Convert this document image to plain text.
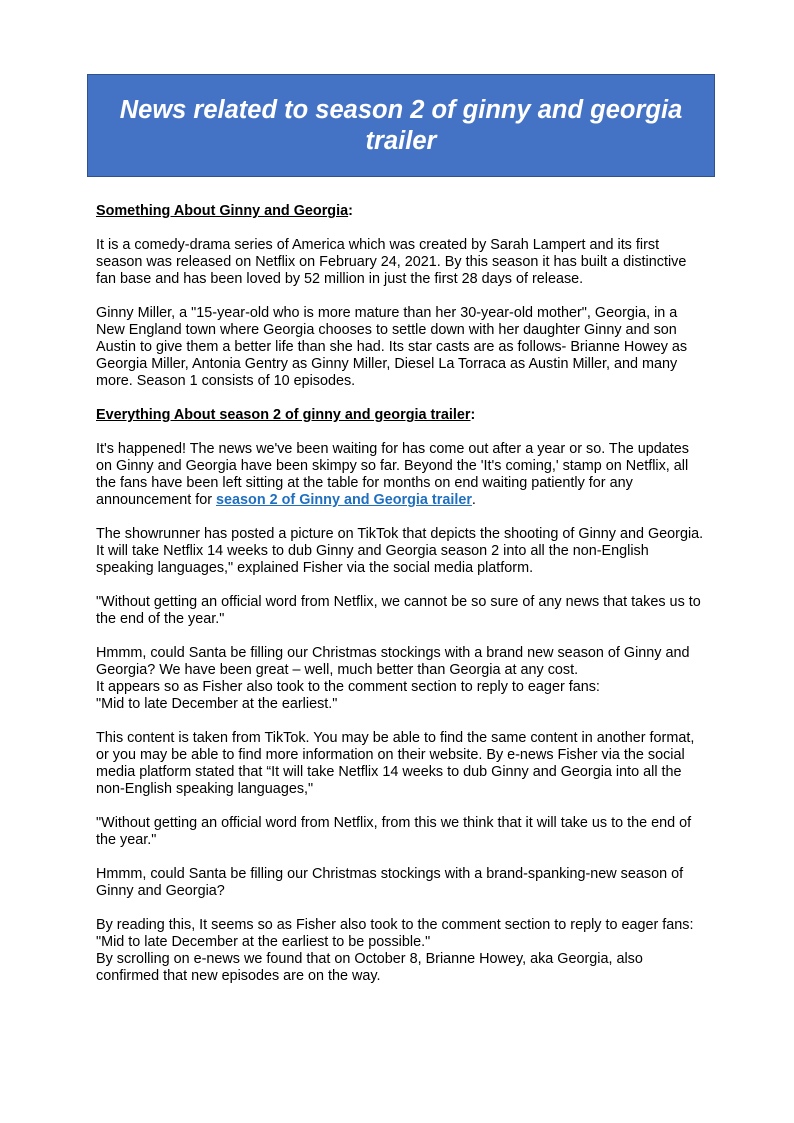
News related to season 2 of ginny and georgia
trailer

Something About Ginny and Georgia:

It is a comedy-drama series of America which was created by Sarah Lampert and its first season was released on Netflix on February 24, 2021. By this season it has built a distinctive fan base and has been loved by 52 million in just the first 28 days of release.

Ginny Miller, a "15-year-old who is more mature than her 30-year-old mother", Georgia, in a New England town where Georgia chooses to settle down with her daughter Ginny and son Austin to give them a better life than she had. Its star casts are as follows- Brianne Howey as Georgia Miller, Antonia Gentry as Ginny Miller, Diesel La Torraca as Austin Miller, and many more. Season 1 consists of 10 episodes.

Everything About season 2 of ginny and georgia trailer:

It's happened! The news we've been waiting for has come out after a year or so. The updates on Ginny and Georgia have been skimpy so far. Beyond the 'It's coming,' stamp on Netflix, all the fans have been left sitting at the table for months on end waiting patiently for any announcement for season 2 of Ginny and Georgia trailer.

The showrunner has posted a picture on TikTok that depicts the shooting of Ginny and Georgia. It will take Netflix 14 weeks to dub Ginny and Georgia season 2 into all the non-English speaking languages," explained Fisher via the social media platform.

"Without getting an official word from Netflix, we cannot be so sure of any news that takes us to the end of the year."

Hmmm, could Santa be filling our Christmas stockings with a brand new season of Ginny and Georgia? We have been great – well, much better than Georgia at any cost.
It appears so as Fisher also took to the comment section to reply to eager fans:
"Mid to late December at the earliest."

This content is taken from TikTok. You may be able to find the same content in another format, or you may be able to find more information on their website. By e-news Fisher via the social media platform stated that “It will take Netflix 14 weeks to dub Ginny and Georgia into all the non-English speaking languages,"

"Without getting an official word from Netflix, from this we think that it will take us to the end of the year."

Hmmm, could Santa be filling our Christmas stockings with a brand-spanking-new season of Ginny and Georgia?

By reading this, It seems so as Fisher also took to the comment section to reply to eager fans: "Mid to late December at the earliest to be possible."
By scrolling on e-news we found that on October 8, Brianne Howey, aka Georgia, also confirmed that new episodes are on the way.
